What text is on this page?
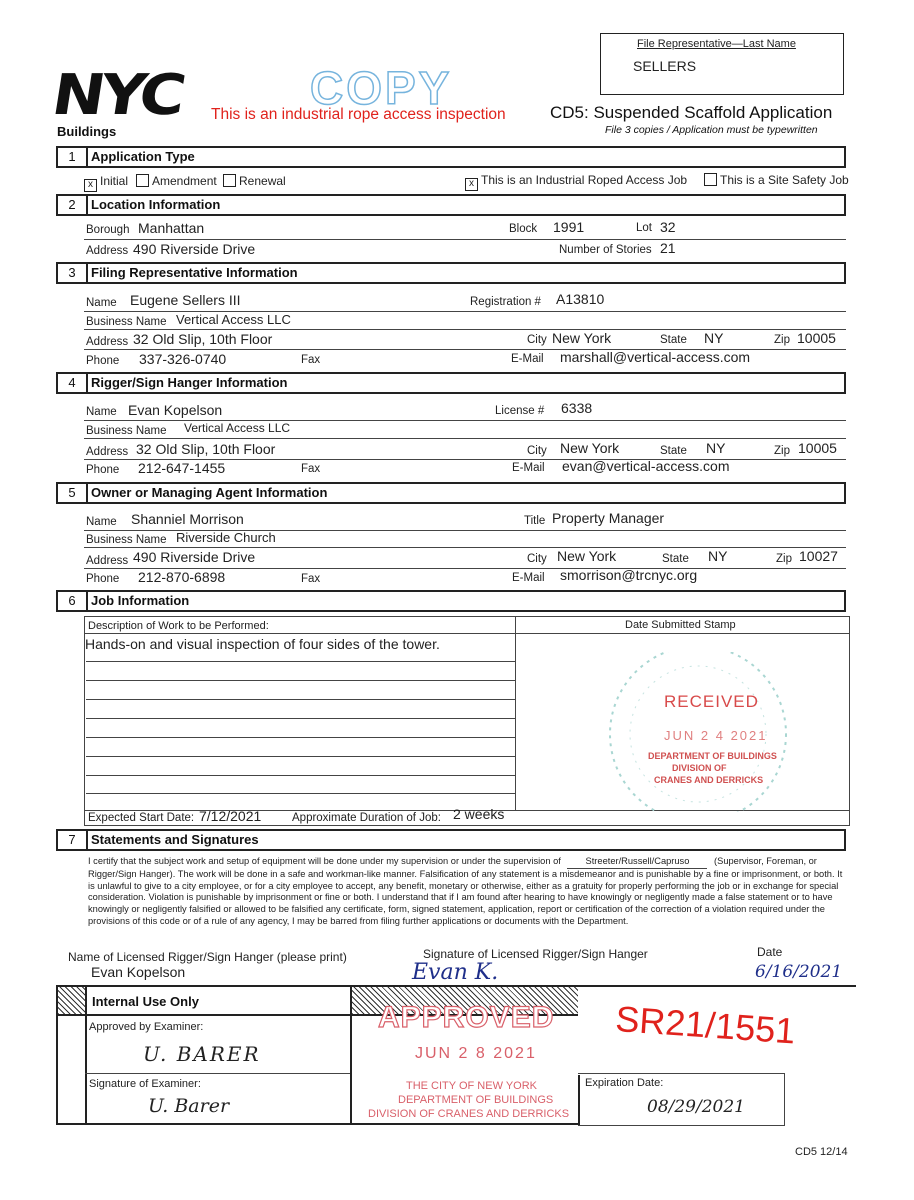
File Representative—Last Name
SELLERS
NYC
Buildings
COPY
This is an industrial rope access inspection	CD5: Suspended Scaffold Application
File 3 copies / Application must be typewritten
1	Application Type
x Initial	Amendment	Renewal	x This is an Industrial Roped Access Job	This is a Site Safety Job
2	Location Information
Borough Manhattan	Block 1991	Lot 32
Address 490 Riverside Drive	Number of Stories 21
3	Filing Representative Information
Name Eugene Sellers III	Registration # A13810
Business Name Vertical Access LLC
Address 32 Old Slip, 10th Floor	City New York	State NY	Zip 10005
Phone 337-326-0740	Fax	E-Mail marshall@vertical-access.com
4	Rigger/Sign Hanger Information
Name Evan Kopelson	License # 6338
Business Name Vertical Access LLC
Address 32 Old Slip, 10th Floor	City New York	State NY	Zip 10005
Phone 212-647-1455	Fax	E-Mail evan@vertical-access.com
5	Owner or Managing Agent Information
Name Shanniel Morrison	Title Property Manager
Business Name Riverside Church
Address 490 Riverside Drive	City New York	State NY	Zip 10027
Phone 212-870-6898	Fax	E-Mail smorrison@trcnyc.org
6	Job Information
Description of Work to be Performed:	Date Submitted Stamp
Hands-on and visual inspection of four sides of the tower.
Expected Start Date: 7/12/2021	Approximate Duration of Job: 2 weeks
RECEIVED
JUN 2 4 2021
DEPARTMENT OF BUILDINGS
DIVISION OF
CRANES AND DERRICKS
7	Statements and Signatures
I certify that the subject work and setup of equipment will be done under my supervision or under the supervision of	Streeter/Russell/Capruso	(Supervisor, Foreman, or Rigger/Sign Hanger). The work will be done in a safe and workman-like manner. Falsification of any statement is a misdemeanor and is punishable by a fine or imprisonment, or both. It is unlawful to give to a city employee, or for a city employee to accept, any benefit, monetary or otherwise, either as a gratuity for properly performing the job or in exchange for special consideration. Violation is punishable by imprisonment or fine or both. I understand that if I am found after hearing to have knowingly or negligently made a false statement or to have knowingly or negligently falsified or allowed to be falsified any certificate, form, signed statement, application, report or certification of the correction of a violation required under the provisions of this code or of a rule of any agency, I may be barred from filing further applications or documents with the Department.
Name of Licensed Rigger/Sign Hanger (please print)
Evan Kopelson
Signature of Licensed Rigger/Sign Hanger
Evan K.
Date
6/16/2021
Internal Use Only
Approved by Examiner:
U. BARER
Signature of Examiner:
U. Barer
APPROVED
JUN 2 8 2021
THE CITY OF NEW YORK
DEPARTMENT OF BUILDINGS
DIVISION OF CRANES AND DERRICKS
SR21/1551
Expiration Date:
08/29/2021
CD5 12/14
